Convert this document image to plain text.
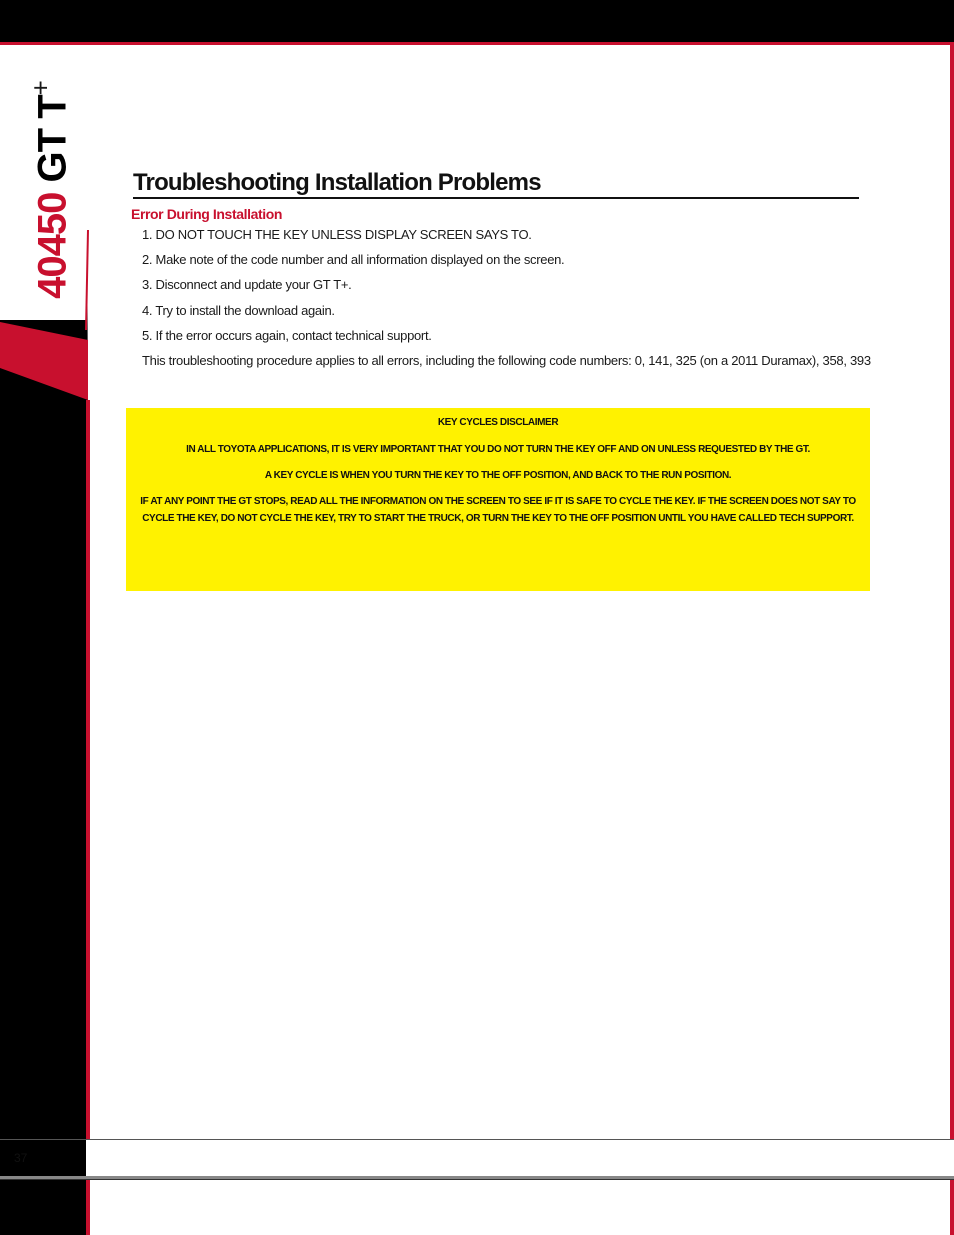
40450 GT T+
37
Troubleshooting Installation Problems
Error During Installation
1. DO NOT TOUCH THE KEY UNLESS DISPLAY SCREEN SAYS TO.
2. Make note of the code number and all information displayed on the screen.
3. Disconnect and update your GT T+.
4. Try to install the download again.
5. If the error occurs again, contact technical support.
This troubleshooting procedure applies to all errors, including the following code numbers: 0, 141, 325 (on a 2011 Duramax), 358, 393
KEY CYCLES DISCLAIMER
IN ALL TOYOTA APPLICATIONS, IT IS VERY IMPORTANT THAT YOU DO NOT TURN THE KEY OFF AND ON UNLESS REQUESTED BY THE GT.
A KEY CYCLE IS WHEN YOU TURN THE KEY TO THE OFF POSITION, AND BACK TO THE RUN POSITION.
IF AT ANY POINT THE GT STOPS, READ ALL THE INFORMATION ON THE SCREEN TO SEE IF IT IS SAFE TO CYCLE THE KEY. IF THE SCREEN DOES NOT SAY TO CYCLE THE KEY, DO NOT CYCLE THE KEY, TRY TO START THE TRUCK, OR TURN THE KEY TO THE OFF POSITION UNTIL YOU HAVE CALLED TECH SUPPORT.
